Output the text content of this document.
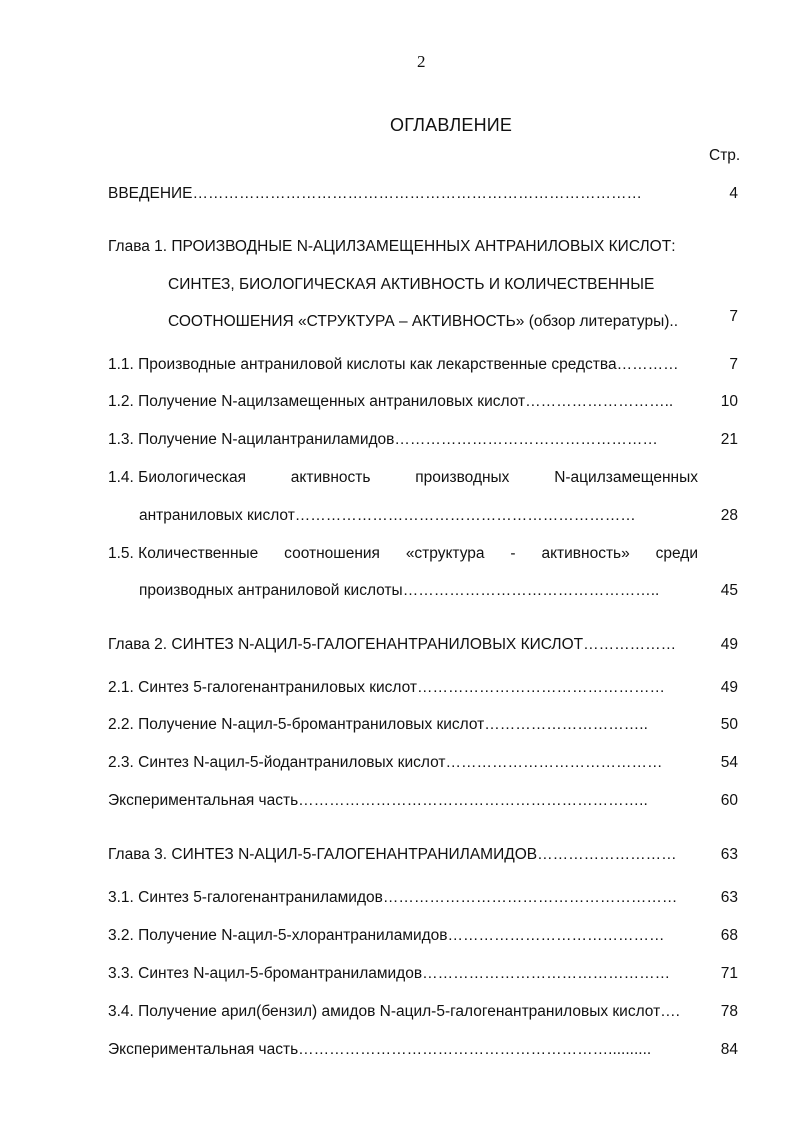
2
ОГЛАВЛЕНИЕ
Стр.
ВВЕДЕНИЕ……………………………………………………………………………	4
Глава 1. ПРОИЗВОДНЫЕ N-АЦИЛЗАМЕЩЕННЫХ АНТРАНИЛОВЫХ КИСЛОТ:
СИНТЕЗ, БИОЛОГИЧЕСКАЯ АКТИВНОСТЬ И КОЛИЧЕСТВЕННЫЕ
СООТНОШЕНИЯ «СТРУКТУРА – АКТИВНОСТЬ» (обзор литературы)..	7
1.1. Производные антраниловой кислоты как лекарственные средства…………	7
1.2. Получение N-ацилзамещенных антраниловых кислот………………………..	10
1.3. Получение N-ацилантраниламидов……………………………………………	21
1.4. Биологическая	активность	производных	N-ацилзамещенных
антраниловых кислот…………………………………………………………	28
1.5. Количественные соотношения «структура - активность» среди
производных антраниловой кислоты…………………………………………..	45
Глава 2. СИНТЕЗ N-АЦИЛ-5-ГАЛОГЕНАНТРАНИЛОВЫХ КИСЛОТ………………	49
2.1. Синтез 5-галогенантраниловых кислот…………………………………………	49
2.2. Получение N-ацил-5-бромантраниловых кислот…………………………..	50
2.3. Синтез N-ацил-5-йодантраниловых кислот……………………………………	54
Экспериментальная часть…………………………………………………………..	60
Глава 3. СИНТЕЗ N-АЦИЛ-5-ГАЛОГЕНАНТРАНИЛАМИДОВ………………………	63
3.1. Синтез 5-галогенантраниламидов…………………………………………………	63
3.2. Получение N-ацил-5-хлорантраниламидов……………………………………	68
3.3. Синтез N-ацил-5-бромантраниламидов…………………………………………	71
3.4. Получение арил(бензил) амидов N-ацил-5-галогенантраниловых кислот….	78
Экспериментальная часть……………………………………………………..........	84
